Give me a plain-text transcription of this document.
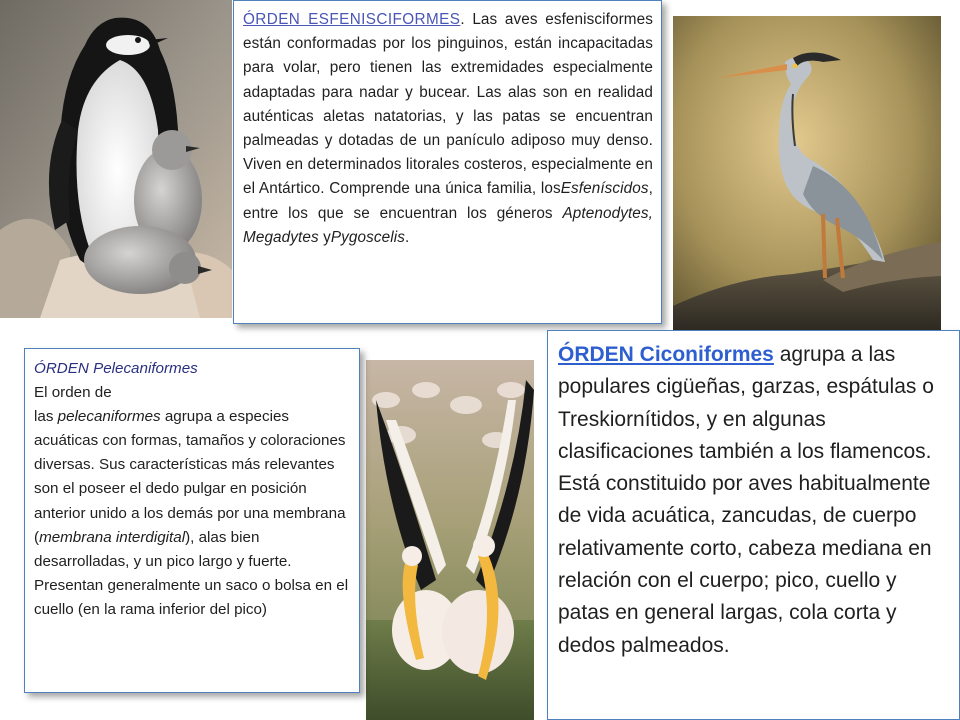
ÓRDEN ESFENISCIFORMES. Las aves esfenisciformes están conformadas por los pinguinos, están incapacitadas para volar, pero tienen las extremidades especialmente adaptadas para nadar y bucear. Las alas son en realidad auténticas aletas natatorias, y las patas se encuentran palmeadas y dotadas de un panículo adiposo muy denso. Viven en determinados litorales costeros, especialmente en el Antártico. Comprende una única familia, losEsfeníscidos, entre los que se encuentran los géneros Aptenodytes, Megadytes yPygoscelis.
ÓRDEN Pelecaniformes
El orden de
las pelecaniformes agrupa a especies acuáticas con formas, tamaños y coloraciones diversas. Sus características más relevantes son el poseer el dedo pulgar en posición anterior unido a los demás por una membrana (membrana interdigital), alas bien desarrolladas, y un pico largo y fuerte. Presentan generalmente un saco o bolsa en el cuello (en la rama inferior del pico)
ÓRDEN Ciconiformes agrupa a las populares cigüeñas, garzas, espátulas o Treskiornítidos, y en algunas clasificaciones también a los flamencos. Está constituido por aves habitualmente de vida acuática, zancudas, de cuerpo relativamente corto, cabeza mediana en relación con el cuerpo; pico, cuello y patas en general largas, cola corta y dedos palmeados.
